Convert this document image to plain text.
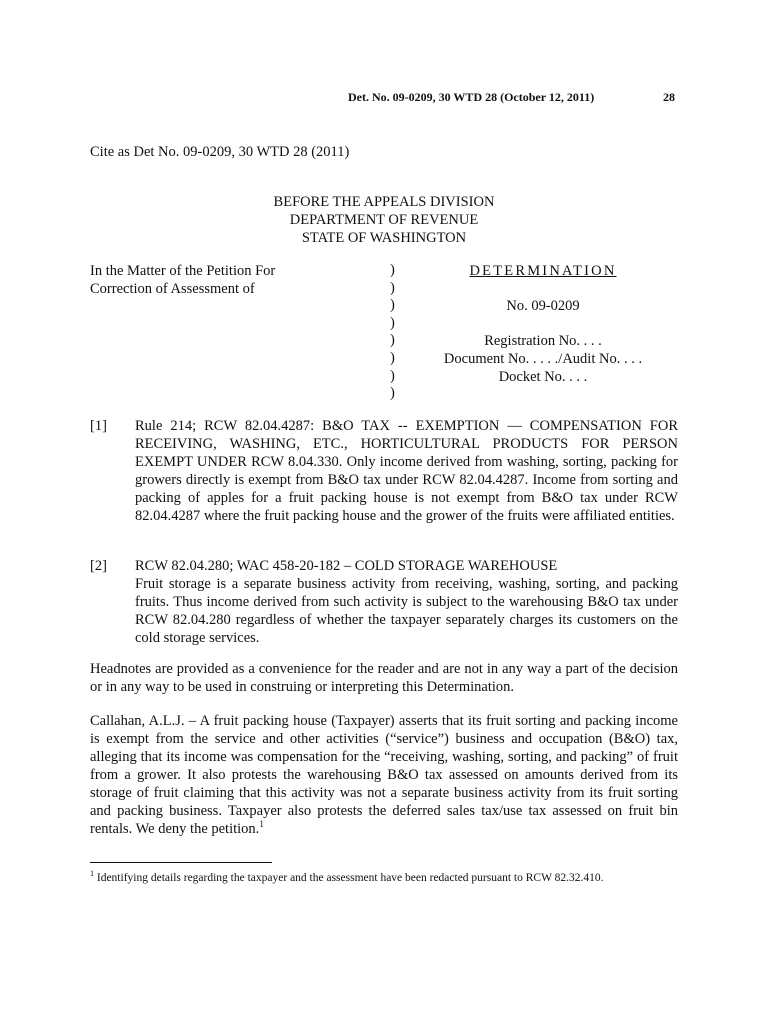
Det. No. 09-0209, 30 WTD 28 (October 12, 2011)	28
Cite as Det No. 09-0209, 30 WTD 28 (2011)
BEFORE THE APPEALS DIVISION
DEPARTMENT OF REVENUE
STATE OF WASHINGTON
In the Matter of the Petition For
Correction of Assessment of
)
)
)
)
)
)
)
)
DETERMINATION
No. 09-0209
Registration No. . . .
Document No. . . . ./Audit No. . . .
Docket No. . . .
[1] Rule 214; RCW 82.04.4287: B&O TAX -- EXEMPTION — COMPENSATION FOR RECEIVING, WASHING, ETC., HORTICULTURAL PRODUCTS FOR PERSON EXEMPT UNDER RCW 8.04.330. Only income derived from washing, sorting, packing for growers directly is exempt from B&O tax under RCW 82.04.4287. Income from sorting and packing of apples for a fruit packing house is not exempt from B&O tax under RCW 82.04.4287 where the fruit packing house and the grower of the fruits were affiliated entities.
[2] RCW 82.04.280; WAC 458-20-182 – COLD STORAGE WAREHOUSE
Fruit storage is a separate business activity from receiving, washing, sorting, and packing fruits. Thus income derived from such activity is subject to the warehousing B&O tax under RCW 82.04.280 regardless of whether the taxpayer separately charges its customers on the cold storage services.
Headnotes are provided as a convenience for the reader and are not in any way a part of the decision or in any way to be used in construing or interpreting this Determination.
Callahan, A.L.J. – A fruit packing house (Taxpayer) asserts that its fruit sorting and packing income is exempt from the service and other activities (“service”) business and occupation (B&O) tax, alleging that its income was compensation for the “receiving, washing, sorting, and packing” of fruit from a grower. It also protests the warehousing B&O tax assessed on amounts derived from its storage of fruit claiming that this activity was not a separate business activity from its fruit sorting and packing business. Taxpayer also protests the deferred sales tax/use tax assessed on fruit bin rentals. We deny the petition.$^1$
$^1$ Identifying details regarding the taxpayer and the assessment have been redacted pursuant to RCW 82.32.410.
